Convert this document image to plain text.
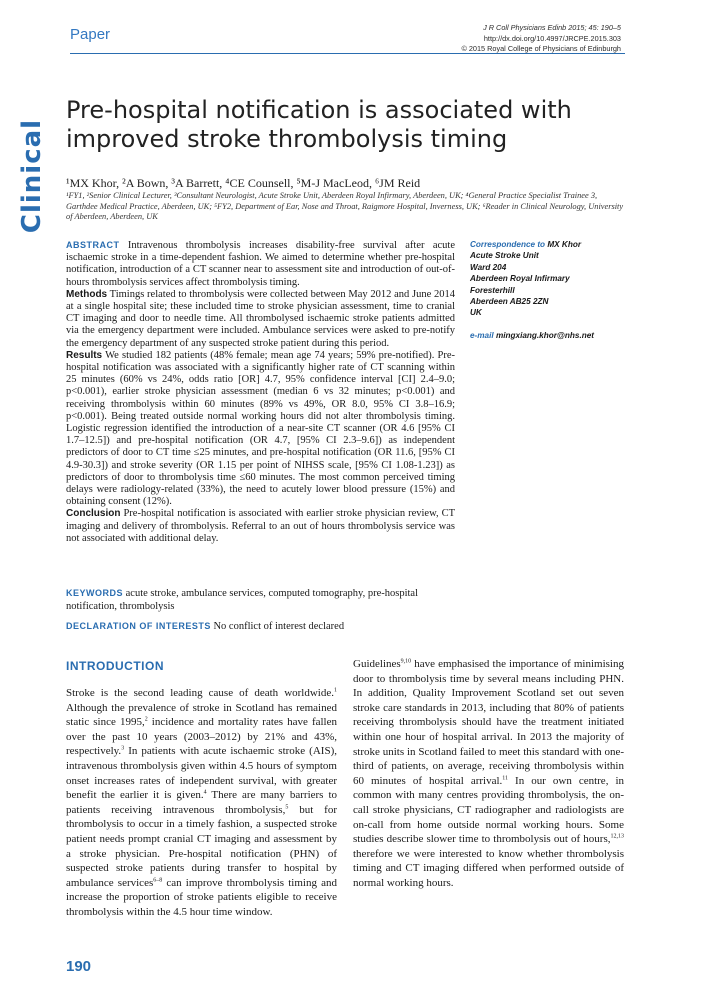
Paper	J R Coll Physicians Edinb 2015; 45: 190–5
http://dx.doi.org/10.4997/JRCPE.2015.303
© 2015 Royal College of Physicians of Edinburgh
Clinical
Pre-hospital notification is associated with improved stroke thrombolysis timing
¹MX Khor, ²A Bown, ³A Barrett, ⁴CE Counsell, ⁵M-J MacLeod, ⁶JM Reid
¹FY1, ²Senior Clinical Lecturer, ³Consultant Neurologist, Acute Stroke Unit, Aberdeen Royal Infirmary, Aberdeen, UK; ⁴General Practice Specialist Trainee 3, Garthdee Medical Practice, Aberdeen, UK; ⁵FY2, Department of Ear, Nose and Throat, Raigmore Hospital, Inverness, UK; ⁶Reader in Clinical Neurology, University of Aberdeen, Aberdeen, UK

ABSTRACT Intravenous thrombolysis increases disability-free survival after acute ischaemic stroke in a time-dependent fashion. We aimed to determine whether pre-hospital notification, introduction of a CT scanner near to assessment site and introduction of out-of-hours thrombolysis services affect thrombolysis timing.

Methods Timings related to thrombolysis were collected between May 2012 and June 2014 at a single hospital site; these included time to stroke physician assessment, time to cranial CT imaging and door to needle time. All thrombolysed ischaemic stroke patients admitted via the emergency department were included. Ambulance services were asked to pre-notify the emergency department of any suspected stroke patient during this period.

Results We studied 182 patients (48% female; mean age 74 years; 59% pre-notified). Pre-hospital notification was associated with a significantly higher rate of CT scanning within 25 minutes (60% vs 24%, odds ratio [OR] 4.7, 95% confidence interval [CI] 2.4–9.0; p<0.001), earlier stroke physician assessment (median 6 vs 32 minutes; p<0.001) and receiving thrombolysis within 60 minutes (89% vs 49%, OR 8.0, 95% CI 3.8–16.9; p<0.001). Being treated outside normal working hours did not alter thrombolysis timing. Logistic regression identified the introduction of a near-site CT scanner (OR 4.6 [95% CI 1.7–12.5]) and pre-hospital notification (OR 4.7, [95% CI 2.3–9.6]) as independent predictors of door to CT time ≤25 minutes, and pre-hospital notification (OR 11.6, [95% CI 4.9-30.3]) and stroke severity (OR 1.15 per point of NIHSS scale, [95% CI 1.08-1.23]) as predictors of door to thrombolysis time ≤60 minutes. The most common perceived timing delays were radiology-related (33%), the need to acutely lower blood pressure (15%) and obtaining consent (12%).

Conclusion Pre-hospital notification is associated with earlier stroke physician review, CT imaging and delivery of thrombolysis. Referral to an out of hours thrombolysis service was not associated with additional delay.

Correspondence to MX Khor
Acute Stroke Unit
Ward 204
Aberdeen Royal Infirmary
Foresterhill
Aberdeen AB25 2ZN
UK
e-mail mingxiang.khor@nhs.net
KEYWORDS acute stroke, ambulance services, computed tomography, pre-hospital notification, thrombolysis
DECLARATION OF INTERESTS No conflict of interest declared
INTRODUCTION
Stroke is the second leading cause of death worldwide.$^1$ Although the prevalence of stroke in Scotland has remained static since 1995,$^2$ incidence and mortality rates have fallen over the past 10 years (2003–2012) by 21% and 43%, respectively.$^3$ In patients with acute ischaemic stroke (AIS), intravenous thrombolysis given within 4.5 hours of symptom onset increases rates of independent survival, with greater benefit the earlier it is given.$^4$ There are many barriers to patients receiving intravenous thrombolysis,$^5$ but for thrombolysis to occur in a timely fashion, a suspected stroke patient needs prompt cranial CT imaging and assessment by a stroke physician. Pre-hospital notification (PHN) of suspected stroke patients during transfer to hospital by ambulance services$^{6-8}$ can improve thrombolysis timing and increase the proportion of stroke patients eligible to receive thrombolysis within the 4.5 hour time window.
Guidelines$^{9,10}$ have emphasised the importance of minimising door to thrombolysis time by several means including PHN. In addition, Quality Improvement Scotland set out seven stroke care standards in 2013, including that 80% of patients receiving thrombolysis should have the treatment initiated within one hour of hospital arrival. In 2013 the majority of stroke units in Scotland failed to meet this standard with one-third of patients, on average, receiving thrombolysis within 60 minutes of hospital arrival.$^{11}$ In our own centre, in common with many centres providing thrombolysis, the on-call stroke physicians, CT radiographer and radiologists are on-call from home outside normal working hours. Some studies describe slower time to thrombolysis out of hours,$^{12,13}$ therefore we were interested to know whether thrombolysis timing and CT imaging differed when performed outside of normal working hours.
190
